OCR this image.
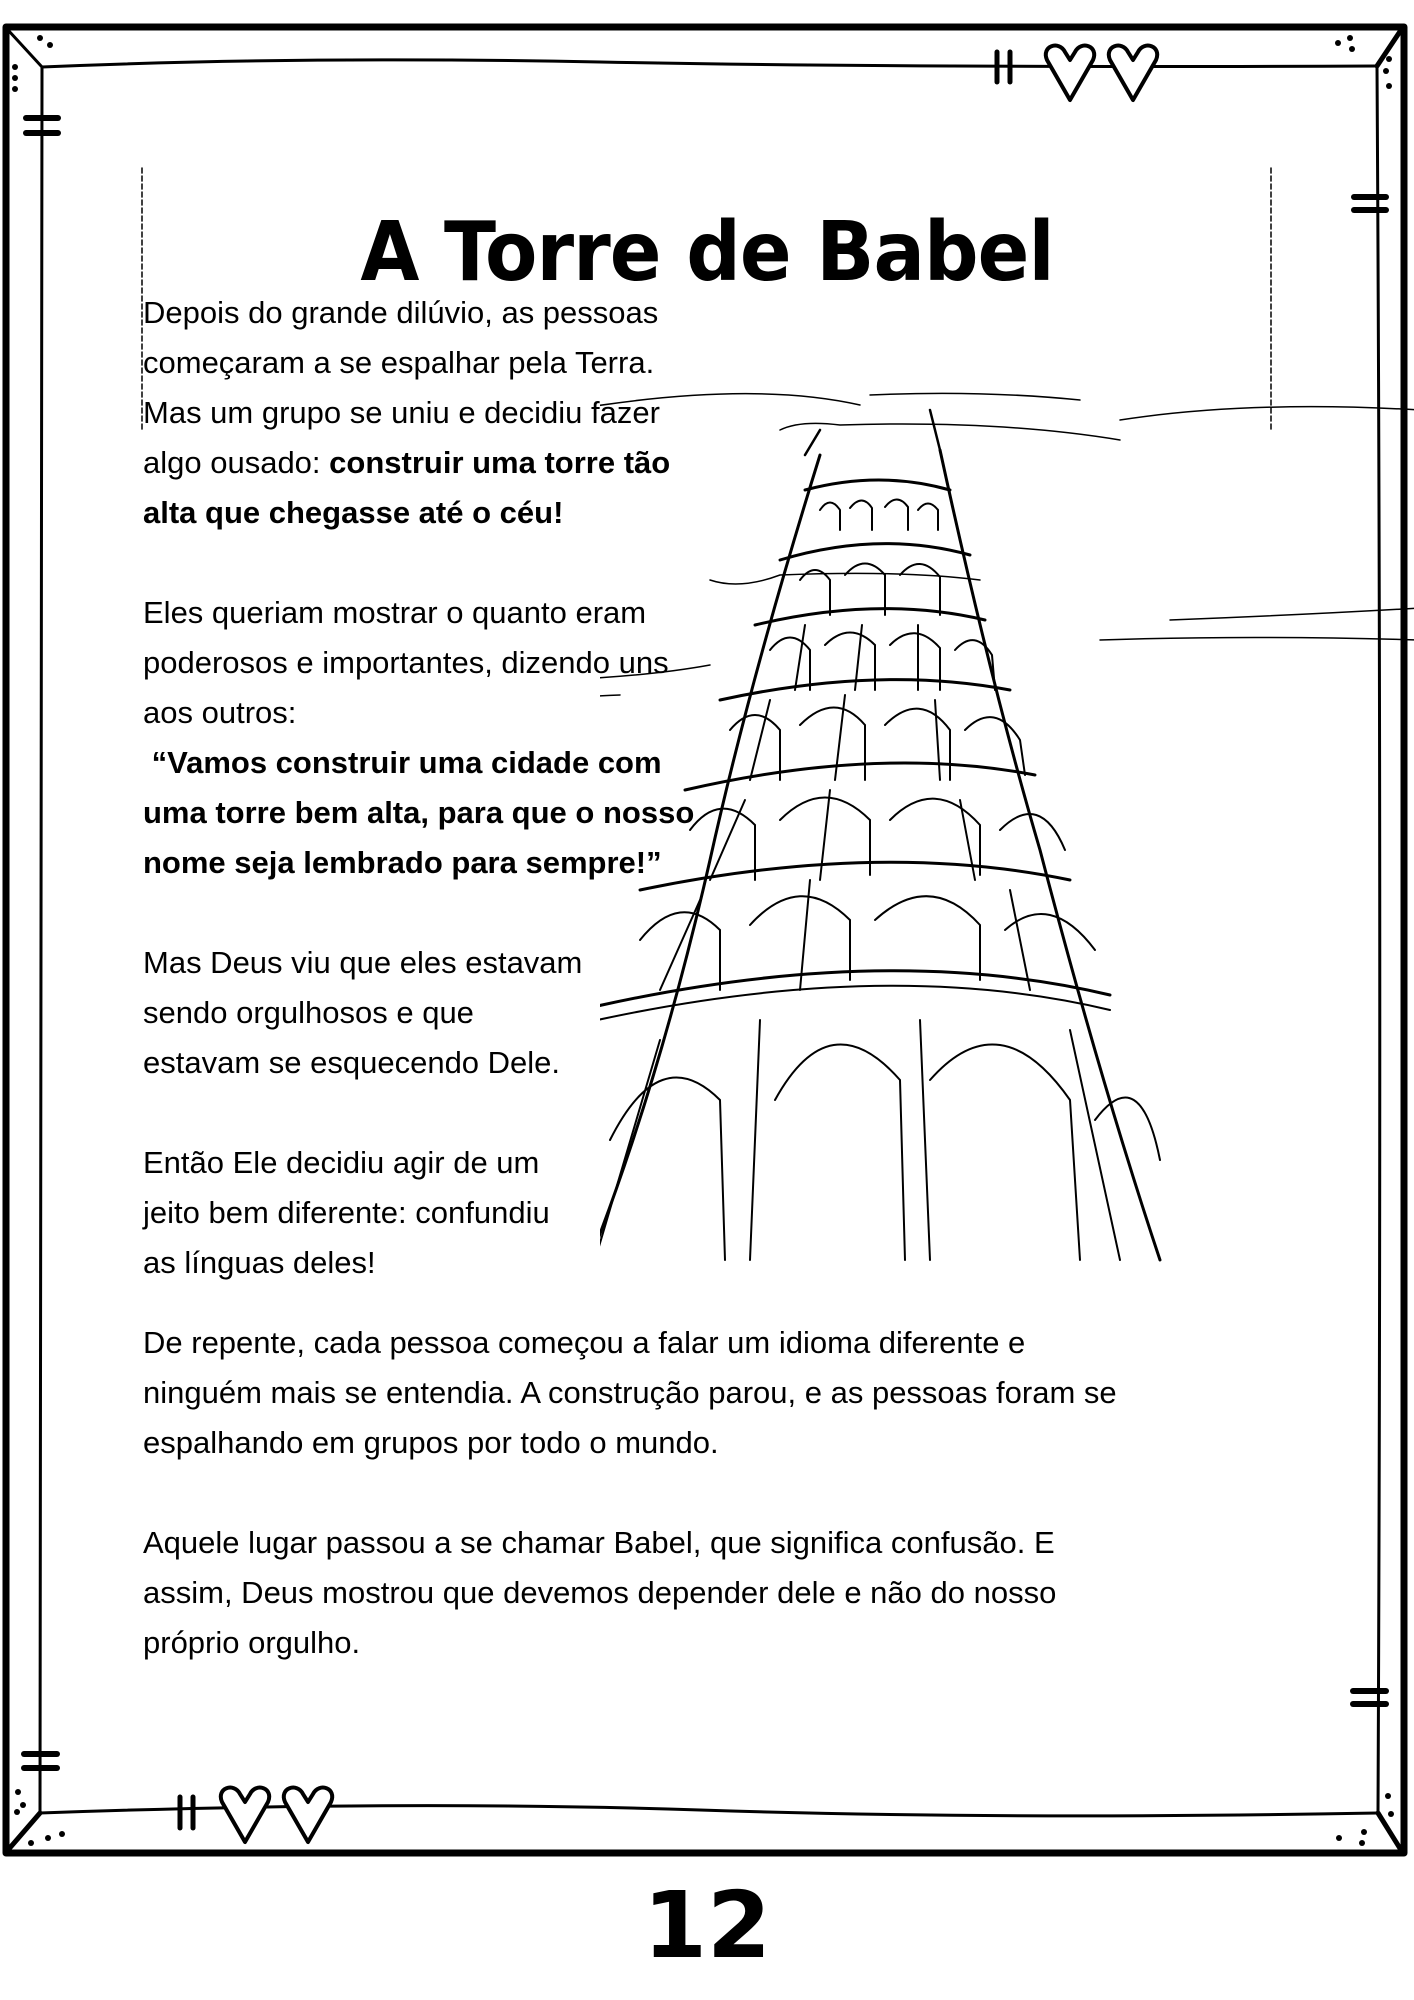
A Torre de Babel

Depois do grande dilúvio, as pessoas

começaram a se espalhar pela Terra.

Mas um grupo se uniu e decidiu fazer

algo ousado: construir uma torre tão

alta que chegasse até o céu!

Eles queriam mostrar o quanto eram

poderosos e importantes, dizendo uns

aos outros:

“Vamos construir uma cidade com

uma torre bem alta, para que o nosso

nome seja lembrado para sempre!”

Mas Deus viu que eles estavam

sendo orgulhosos e que

estavam se esquecendo Dele.

Então Ele decidiu agir de um

jeito bem diferente: confundiu

as línguas deles!

De repente, cada pessoa começou a falar um idioma diferente e

ninguém mais se entendia. A construção parou, e as pessoas foram se

espalhando em grupos por todo o mundo.

Aquele lugar passou a se chamar Babel, que significa confusão. E

assim, Deus mostrou que devemos depender dele e não do nosso

próprio orgulho.

12
